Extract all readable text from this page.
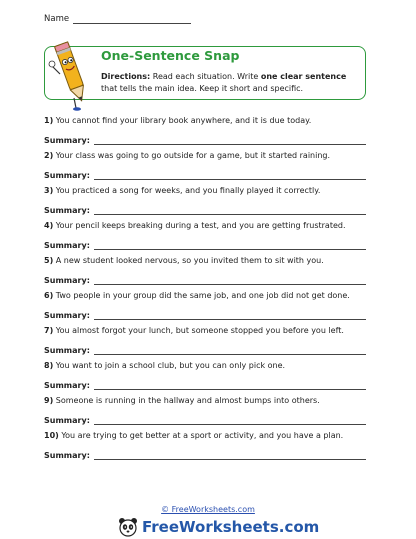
Name
One-Sentence Snap
Directions: Read each situation. Write one clear sentence that tells the main idea. Keep it short and specific.
1) You cannot find your library book anywhere, and it is due today.
Summary:
2) Your class was going to go outside for a game, but it started raining.
Summary:
3) You practiced a song for weeks, and you finally played it correctly.
Summary:
4) Your pencil keeps breaking during a test, and you are getting frustrated.
Summary:
5) A new student looked nervous, so you invited them to sit with you.
Summary:
6) Two people in your group did the same job, and one job did not get done.
Summary:
7) You almost forgot your lunch, but someone stopped you before you left.
Summary:
8) You want to join a school club, but you can only pick one.
Summary:
9) Someone is running in the hallway and almost bumps into others.
Summary:
10) You are trying to get better at a sport or activity, and you have a plan.
Summary:
© FreeWorksheets.com
FreeWorksheets.com
